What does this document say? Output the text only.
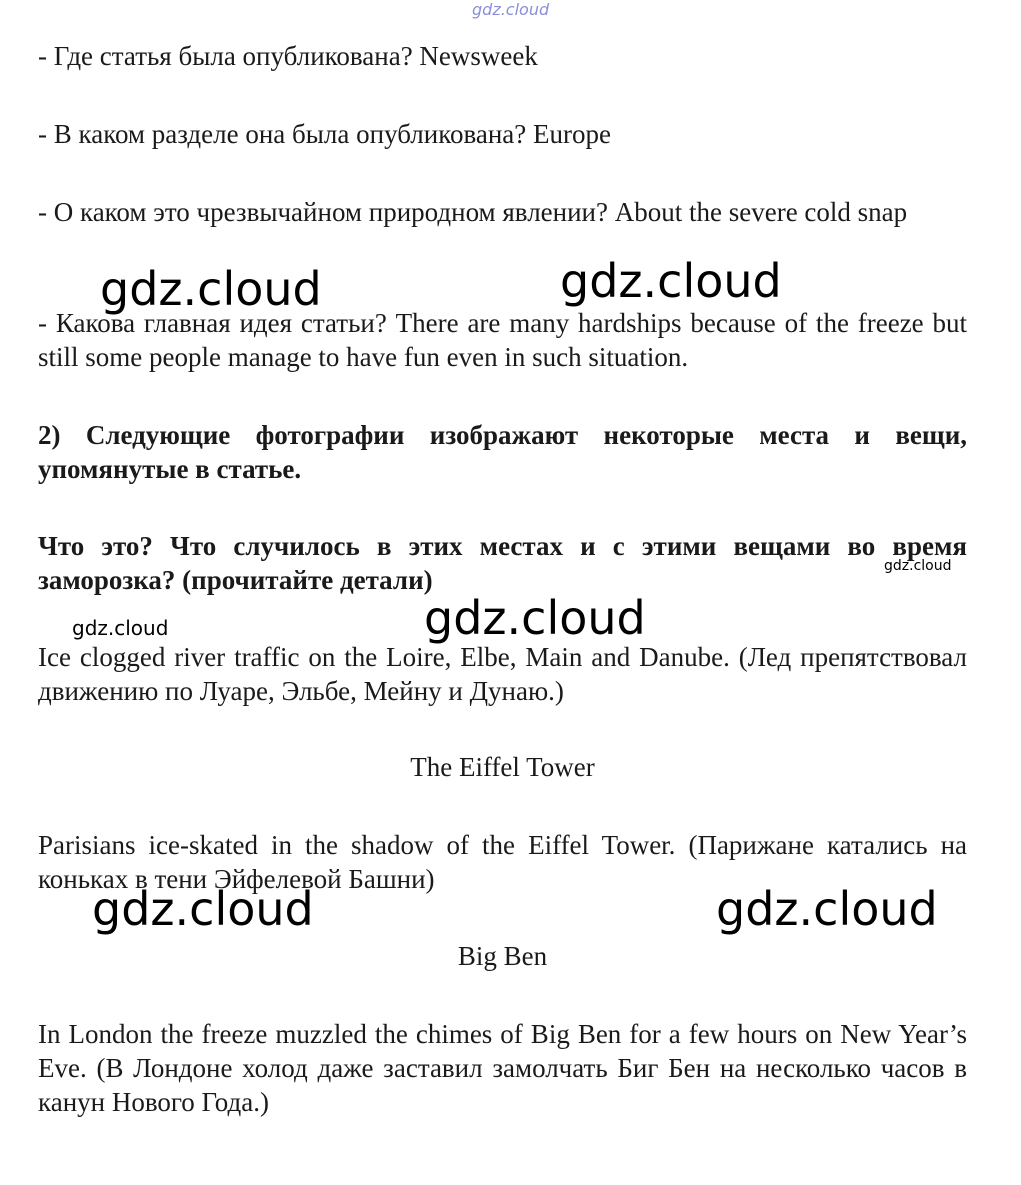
gdz.cloud
gdz.cloud	gdz.cloud
gdz.cloud
gdz.cloud
gdz.cloud
gdz.cloud	gdz.cloud

- Где статья была опубликована? Newsweek

- В каком разделе она была опубликована? Europe

- О каком это чрезвычайном природном явлении? About the severe cold snap

- Какова главная идея статьи? There are many hardships because of the freeze but still some people manage to have fun even in such situation.

2) Следующие фотографии изображают некоторые места и вещи, упомянутые в статье.

Что это? Что случилось в этих местах и с этими вещами во время заморозка? (прочитайте детали)

Ice clogged river traffic on the Loire, Elbe, Main and Danube. (Лед препятствовал движению по Луаре, Эльбе, Мейну и Дунаю.)

The Eiffel Tower

Parisians ice-skated in the shadow of the Eiffel Tower. (Парижане катались на коньках в тени Эйфелевой Башни)

Big Ben

In London the freeze muzzled the chimes of Big Ben for a few hours on New Year’s Eve. (В Лондоне холод даже заставил замолчать Биг Бен на несколько часов в канун Нового Года.)
